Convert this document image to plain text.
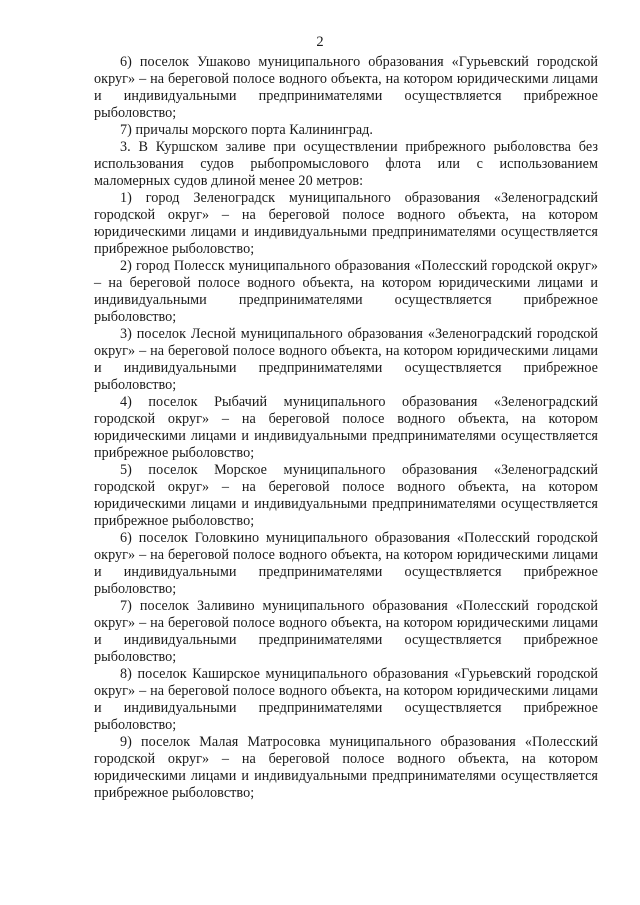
2

6) поселок Ушаково муниципального образования «Гурьевский городской округ» – на береговой полосе водного объекта, на котором юридическими лицами и индивидуальными предпринимателями осуществляется прибрежное рыболовство;

7) причалы морского порта Калининград.

3. В Куршском заливе при осуществлении прибрежного рыболовства без использования судов рыбопромыслового флота или с использованием маломерных судов длиной менее 20 метров:

1) город Зеленоградск муниципального образования «Зеленоградский городской округ» – на береговой полосе водного объекта, на котором юридическими лицами и индивидуальными предпринимателями осуществляется прибрежное рыболовство;

2) город Полесск муниципального образования «Полесский городской округ» – на береговой полосе водного объекта, на котором юридическими лицами и индивидуальными предпринимателями осуществляется прибрежное рыболовство;

3) поселок Лесной муниципального образования «Зеленоградский городской округ» – на береговой полосе водного объекта, на котором юридическими лицами и индивидуальными предпринимателями осуществляется прибрежное рыболовство;

4) поселок Рыбачий муниципального образования «Зеленоградский городской округ» – на береговой полосе водного объекта, на котором юридическими лицами и индивидуальными предпринимателями осуществляется прибрежное рыболовство;

5) поселок Морское муниципального образования «Зеленоградский городской округ» – на береговой полосе водного объекта, на котором юридическими лицами и индивидуальными предпринимателями осуществляется прибрежное рыболовство;

6) поселок Головкино муниципального образования «Полесский городской округ» – на береговой полосе водного объекта, на котором юридическими лицами и индивидуальными предпринимателями осуществляется прибрежное рыболовство;

7) поселок Заливино муниципального образования «Полесский городской округ» – на береговой полосе водного объекта, на котором юридическими лицами и индивидуальными предпринимателями осуществляется прибрежное рыболовство;

8) поселок Каширское муниципального образования «Гурьевский городской округ» – на береговой полосе водного объекта, на котором юридическими лицами и индивидуальными предпринимателями осуществляется прибрежное рыболовство;

9) поселок Малая Матросовка муниципального образования «Полесский городской округ» – на береговой полосе водного объекта, на котором юридическими лицами и индивидуальными предпринимателями осуществляется прибрежное рыболовство;
